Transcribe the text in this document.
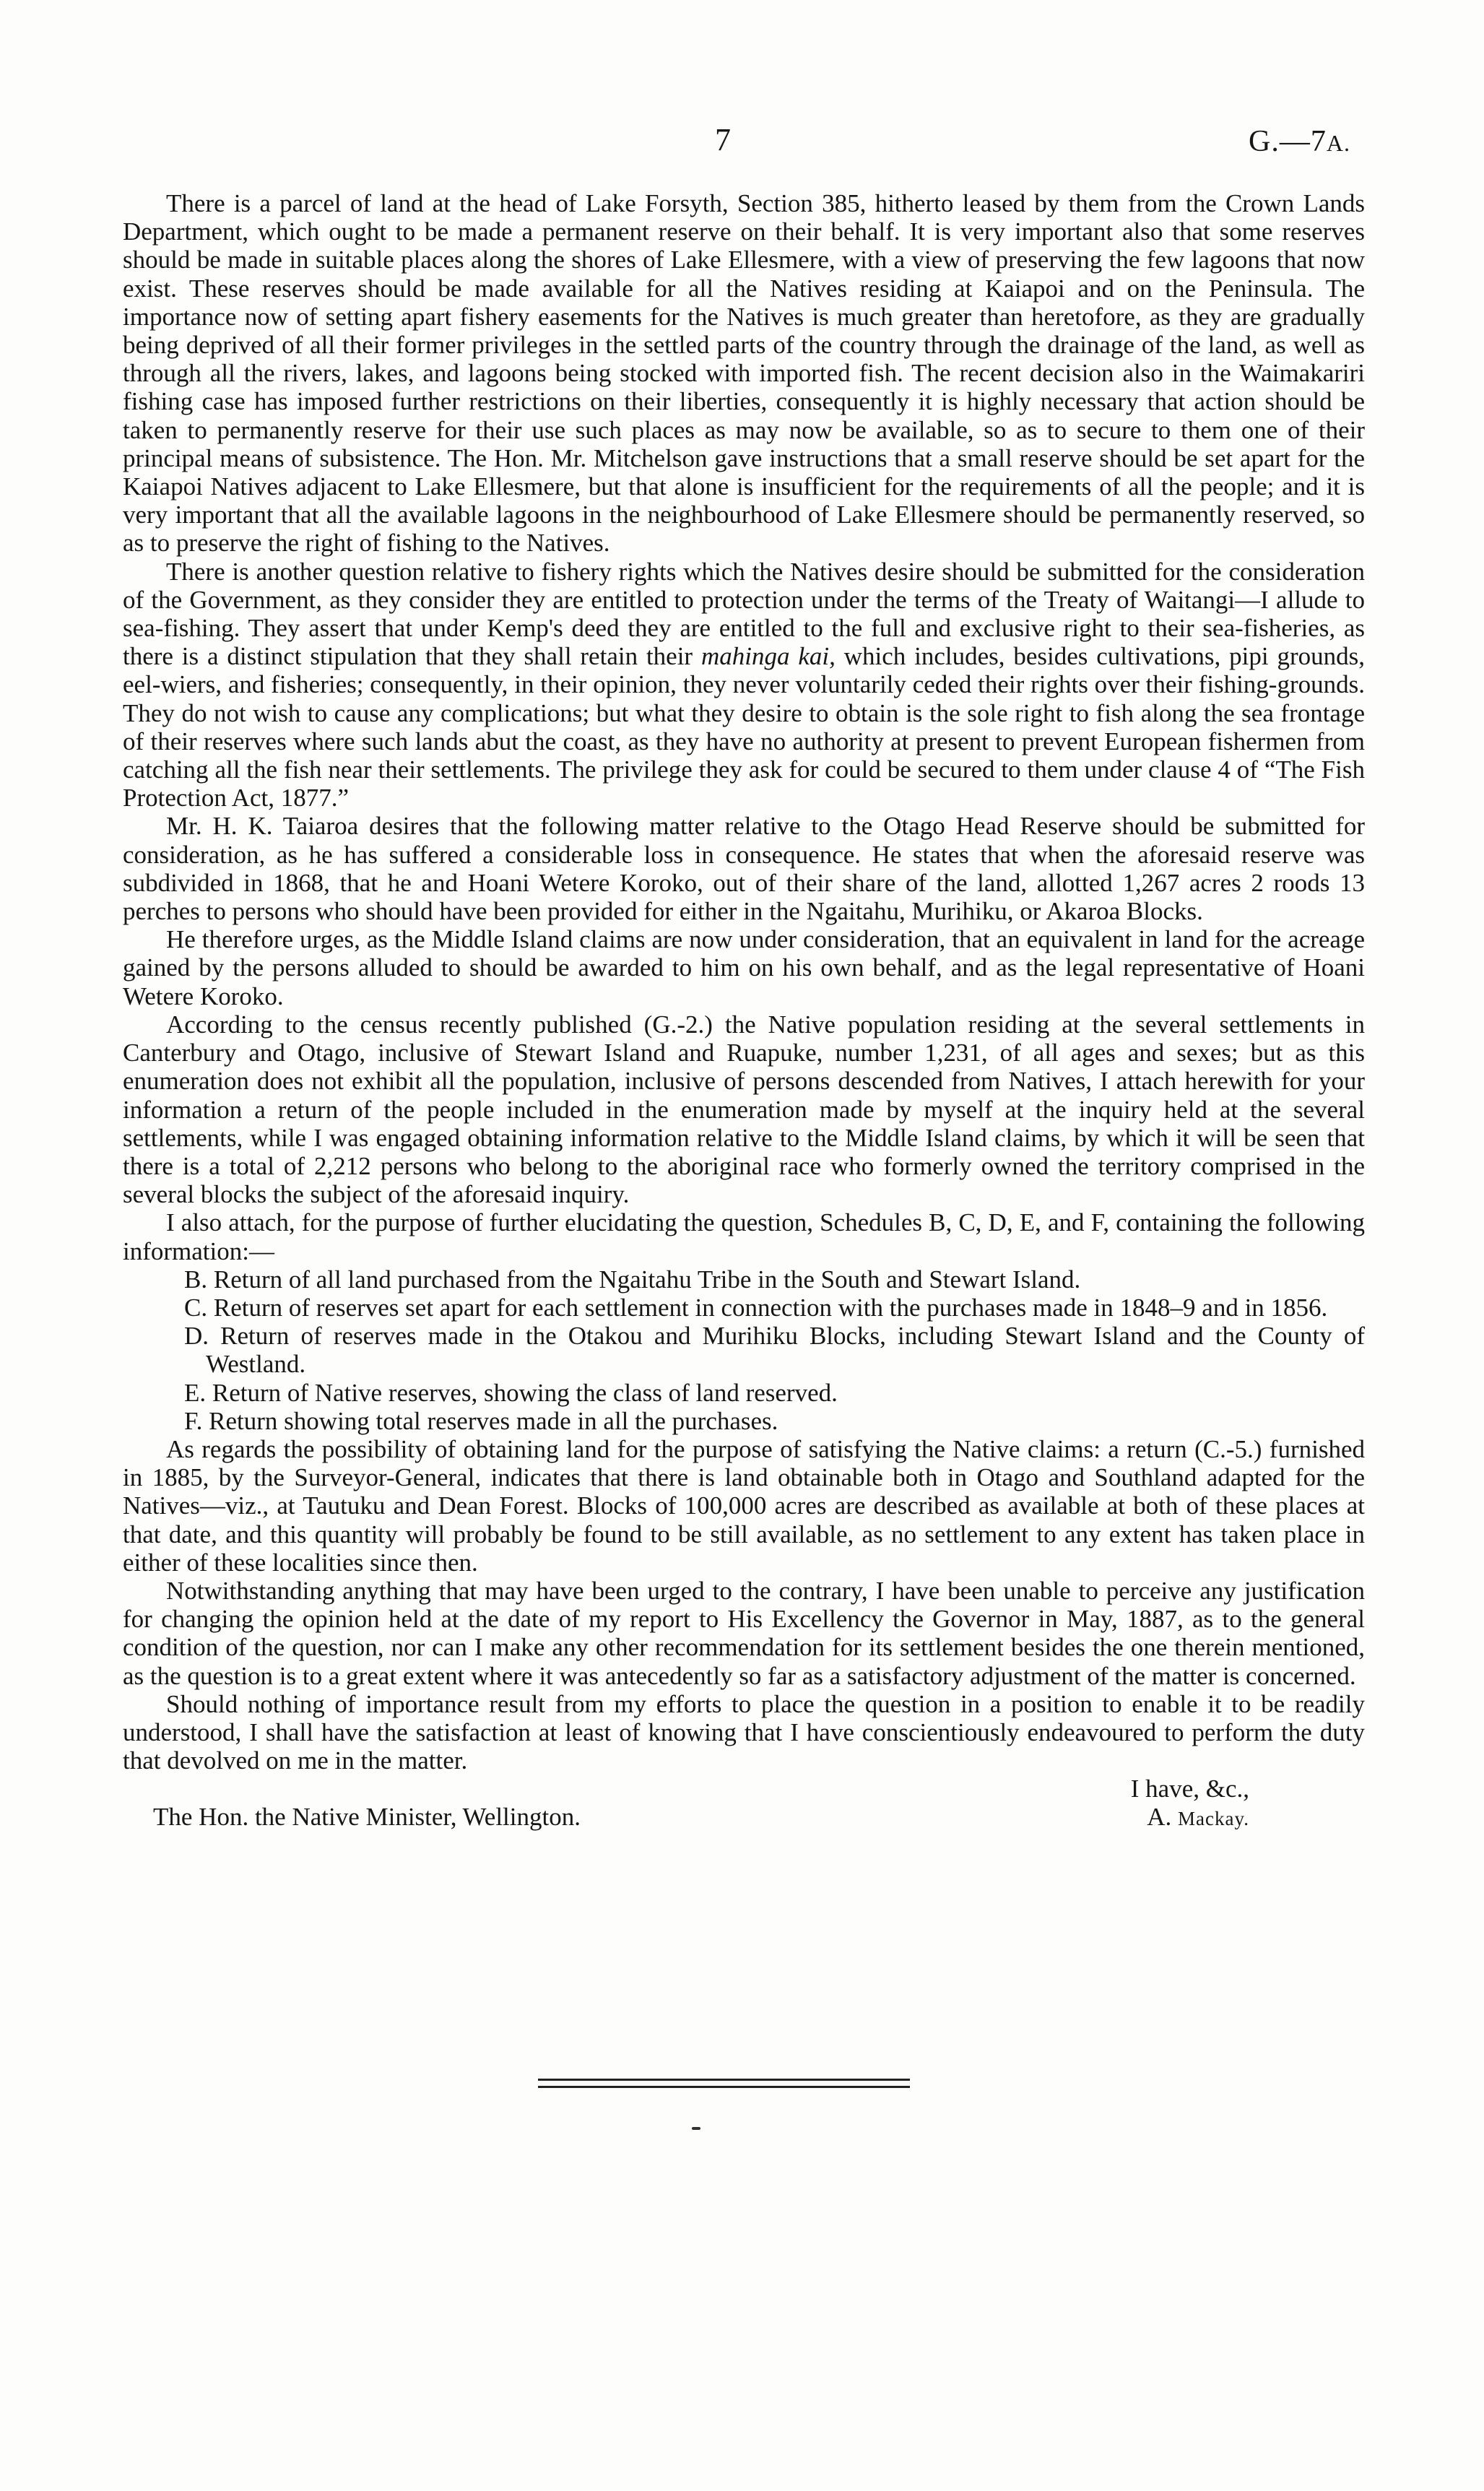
7	G.—7A.

There is a parcel of land at the head of Lake Forsyth, Section 385, hitherto leased by them from the Crown Lands Department, which ought to be made a permanent reserve on their behalf. It is very important also that some reserves should be made in suitable places along the shores of Lake Ellesmere, with a view of preserving the few lagoons that now exist. These reserves should be made available for all the Natives residing at Kaiapoi and on the Peninsula. The importance now of setting apart fishery easements for the Natives is much greater than heretofore, as they are gradually being deprived of all their former privileges in the settled parts of the country through the drainage of the land, as well as through all the rivers, lakes, and lagoons being stocked with imported fish. The recent decision also in the Waimakariri fishing case has imposed further restrictions on their liberties, consequently it is highly necessary that action should be taken to permanently reserve for their use such places as may now be available, so as to secure to them one of their principal means of subsistence. The Hon. Mr. Mitchelson gave instructions that a small reserve should be set apart for the Kaiapoi Natives adjacent to Lake Ellesmere, but that alone is insufficient for the requirements of all the people; and it is very important that all the available lagoons in the neighbourhood of Lake Ellesmere should be permanently reserved, so as to preserve the right of fishing to the Natives.

There is another question relative to fishery rights which the Natives desire should be submitted for the consideration of the Government, as they consider they are entitled to protection under the terms of the Treaty of Waitangi—I allude to sea-fishing. They assert that under Kemp's deed they are entitled to the full and exclusive right to their sea-fisheries, as there is a distinct stipulation that they shall retain their mahinga kai, which includes, besides cultivations, pipi grounds, eel-wiers, and fisheries; consequently, in their opinion, they never voluntarily ceded their rights over their fishing-grounds. They do not wish to cause any complications; but what they desire to obtain is the sole right to fish along the sea frontage of their reserves where such lands abut the coast, as they have no authority at present to prevent European fishermen from catching all the fish near their settlements. The privilege they ask for could be secured to them under clause 4 of “The Fish Protection Act, 1877.”

Mr. H. K. Taiaroa desires that the following matter relative to the Otago Head Reserve should be submitted for consideration, as he has suffered a considerable loss in consequence. He states that when the aforesaid reserve was subdivided in 1868, that he and Hoani Wetere Koroko, out of their share of the land, allotted 1,267 acres 2 roods 13 perches to persons who should have been provided for either in the Ngaitahu, Murihiku, or Akaroa Blocks.

He therefore urges, as the Middle Island claims are now under consideration, that an equivalent in land for the acreage gained by the persons alluded to should be awarded to him on his own behalf, and as the legal representative of Hoani Wetere Koroko.

According to the census recently published (G.-2.) the Native population residing at the several settlements in Canterbury and Otago, inclusive of Stewart Island and Ruapuke, number 1,231, of all ages and sexes; but as this enumeration does not exhibit all the population, inclusive of persons descended from Natives, I attach herewith for your information a return of the people included in the enumeration made by myself at the inquiry held at the several settlements, while I was engaged obtaining information relative to the Middle Island claims, by which it will be seen that there is a total of 2,212 persons who belong to the aboriginal race who formerly owned the territory comprised in the several blocks the subject of the aforesaid inquiry.

I also attach, for the purpose of further elucidating the question, Schedules B, C, D, E, and F, containing the following information:—

B. Return of all land purchased from the Ngaitahu Tribe in the South and Stewart Island.
C. Return of reserves set apart for each settlement in connection with the purchases made in 1848–9 and in 1856.
D. Return of reserves made in the Otakou and Murihiku Blocks, including Stewart Island and the County of Westland.
E. Return of Native reserves, showing the class of land reserved.
F. Return showing total reserves made in all the purchases.

As regards the possibility of obtaining land for the purpose of satisfying the Native claims: a return (C.-5.) furnished in 1885, by the Surveyor-General, indicates that there is land obtainable both in Otago and Southland adapted for the Natives—viz., at Tautuku and Dean Forest. Blocks of 100,000 acres are described as available at both of these places at that date, and this quantity will probably be found to be still available, as no settlement to any extent has taken place in either of these localities since then.

Notwithstanding anything that may have been urged to the contrary, I have been unable to perceive any justification for changing the opinion held at the date of my report to His Excellency the Governor in May, 1887, as to the general condition of the question, nor can I make any other recommendation for its settlement besides the one therein mentioned, as the question is to a great extent where it was antecedently so far as a satisfactory adjustment of the matter is concerned.

Should nothing of importance result from my efforts to place the question in a position to enable it to be readily understood, I shall have the satisfaction at least of knowing that I have conscientiously endeavoured to perform the duty that devolved on me in the matter.

I have, &c.,
The Hon. the Native Minister, Wellington.	A. Mackay.
